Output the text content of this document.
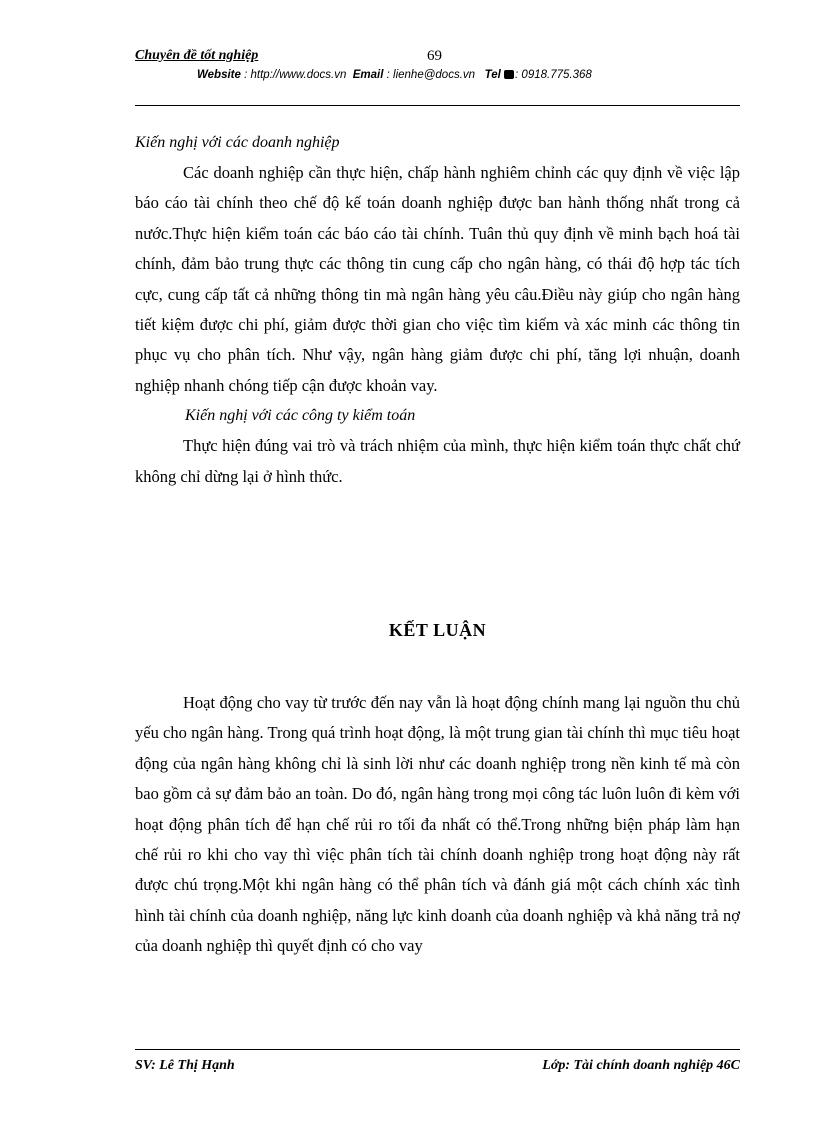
Chuyên đề tốt nghiệp	69
Website : http://www.docs.vn Email : lienhe@docs.vn Tel : 0918.775.368

Kiến nghị với các doanh nghiệp

Các doanh nghiệp cần thực hiện, chấp hành nghiêm chỉnh các quy định về việc lập báo cáo tài chính theo chế độ kế toán doanh nghiệp được ban hành thống nhất trong cả nước.Thực hiện kiểm toán các báo cáo tài chính. Tuân thủ quy định về minh bạch hoá tài chính, đảm bảo trung thực các thông tin cung cấp cho ngân hàng, có thái độ hợp tác tích cực, cung cấp tất cả những thông tin mà ngân hàng yêu câu.Điều này giúp cho ngân hàng tiết kiệm được chi phí, giảm được thời gian cho việc tìm kiếm và xác minh các thông tin phục vụ cho phân tích. Như vậy, ngân hàng giảm được chi phí, tăng lợi nhuận, doanh nghiệp nhanh chóng tiếp cận được khoản vay.

Kiến nghị với các công ty kiểm toán

Thực hiện đúng vai trò và trách nhiệm của mình, thực hiện kiểm toán thực chất chứ không chỉ dừng lại ở hình thức.

KẾT LUẬN

Hoạt động cho vay từ trước đến nay vẫn là hoạt động chính mang lại nguồn thu chủ yếu cho ngân hàng. Trong quá trình hoạt động, là một trung gian tài chính thì mục tiêu hoạt động của ngân hàng không chỉ là sinh lời như các doanh nghiệp trong nền kinh tế mà còn bao gồm cả sự đảm bảo an toàn. Do đó, ngân hàng trong mọi công tác luôn luôn đi kèm với hoạt động phân tích để hạn chế rủi ro tối đa nhất có thể.Trong những biện pháp làm hạn chế rủi ro khi cho vay thì việc phân tích tài chính doanh nghiệp trong hoạt động này rất được chú trọng.Một khi ngân hàng có thể phân tích và đánh giá một cách chính xác tình hình tài chính của doanh nghiệp, năng lực kinh doanh của doanh nghiệp và khả năng trả nợ của doanh nghiệp thì quyết định có cho vay

SV: Lê Thị Hạnh	Lớp: Tài chính doanh nghiệp 46C
